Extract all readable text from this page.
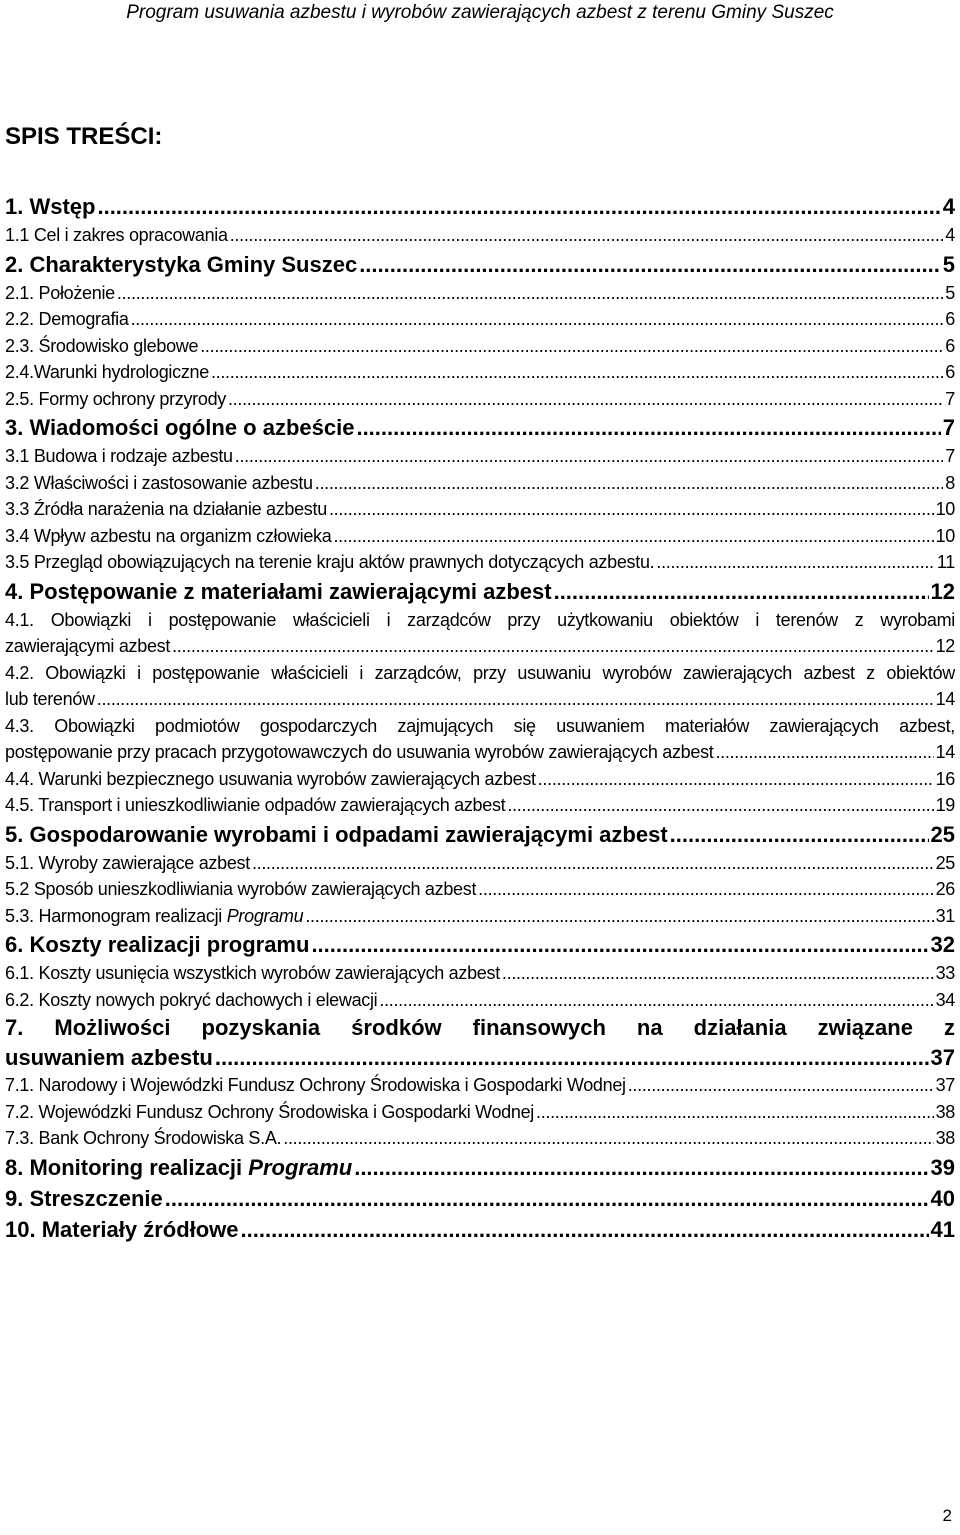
Program usuwania azbestu i wyrobów zawierających azbest z terenu Gminy Suszec
SPIS TREŚCI:
1. Wstęp .....	4
1.1 Cel i zakres opracowania .....	4
2. Charakterystyka Gminy Suszec .....	5
2.1. Położenie .....	5
2.2. Demografia .....	6
2.3. Środowisko glebowe .....	6
2.4.Warunki hydrologiczne .....	6
2.5. Formy ochrony przyrody .....	7
3. Wiadomości ogólne o azbeście .....	7
3.1 Budowa i rodzaje azbestu .....	7
3.2 Właściwości i zastosowanie azbestu .....	8
3.3 Źródła narażenia na działanie azbestu .....	10
3.4 Wpływ azbestu na organizm człowieka .....	10
3.5 Przegląd obowiązujących na terenie kraju aktów prawnych dotyczących azbestu. .....	11
4. Postępowanie z materiałami zawierającymi azbest .....	12
4.1. Obowiązki i postępowanie właścicieli i zarządców przy użytkowaniu obiektów i terenów z wyrobami
zawierającymi azbest .....	12
4.2. Obowiązki i postępowanie właścicieli i zarządców, przy usuwaniu wyrobów zawierających azbest z obiektów
lub terenów .....	14
4.3. Obowiązki podmiotów gospodarczych zajmujących się usuwaniem materiałów zawierających azbest,
postępowanie przy pracach przygotowawczych do usuwania wyrobów zawierających azbest .....	14
4.4. Warunki bezpiecznego usuwania wyrobów zawierających azbest .....	16
4.5. Transport i unieszkodliwianie odpadów zawierających azbest .....	19
5. Gospodarowanie wyrobami i odpadami zawierającymi azbest .....	25
5.1. Wyroby zawierające azbest .....	25
5.2 Sposób unieszkodliwiania wyrobów zawierających azbest .....	26
5.3. Harmonogram realizacji Programu .....	31
6. Koszty realizacji programu .....	32
6.1. Koszty usunięcia wszystkich wyrobów zawierających azbest .....	33
6.2. Koszty nowych pokryć dachowych i elewacji .....	34
7. Możliwości pozyskania środków finansowych na działania związane z
usuwaniem azbestu .....	37
7.1. Narodowy i Wojewódzki Fundusz Ochrony Środowiska i Gospodarki Wodnej .....	37
7.2. Wojewódzki Fundusz Ochrony Środowiska i Gospodarki Wodnej .....	38
7.3. Bank Ochrony Środowiska S.A. .....	38
8. Monitoring realizacji Programu .....	39
9. Streszczenie .....	40
10. Materiały źródłowe .....	41
2
